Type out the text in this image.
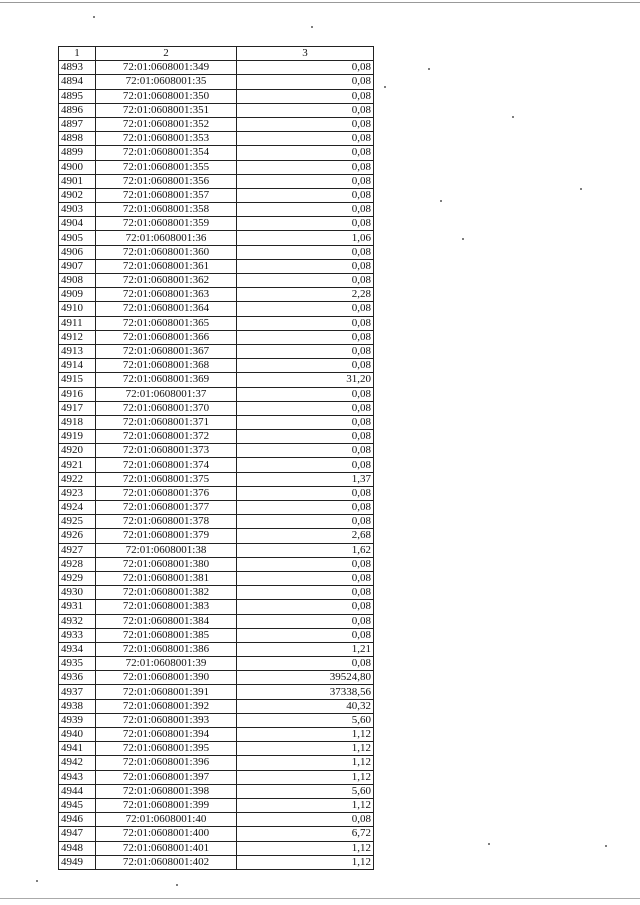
1	2	3
4893	72:01:0608001:349	0,08
4894	72:01:0608001:35	0,08
4895	72:01:0608001:350	0,08
4896	72:01:0608001:351	0,08
4897	72:01:0608001:352	0,08
4898	72:01:0608001:353	0,08
4899	72:01:0608001:354	0,08
4900	72:01:0608001:355	0,08
4901	72:01:0608001:356	0,08
4902	72:01:0608001:357	0,08
4903	72:01:0608001:358	0,08
4904	72:01:0608001:359	0,08
4905	72:01:0608001:36	1,06
4906	72:01:0608001:360	0,08
4907	72:01:0608001:361	0,08
4908	72:01:0608001:362	0,08
4909	72:01:0608001:363	2,28
4910	72:01:0608001:364	0,08
4911	72:01:0608001:365	0,08
4912	72:01:0608001:366	0,08
4913	72:01:0608001:367	0,08
4914	72:01:0608001:368	0,08
4915	72:01:0608001:369	31,20
4916	72:01:0608001:37	0,08
4917	72:01:0608001:370	0,08
4918	72:01:0608001:371	0,08
4919	72:01:0608001:372	0,08
4920	72:01:0608001:373	0,08
4921	72:01:0608001:374	0,08
4922	72:01:0608001:375	1,37
4923	72:01:0608001:376	0,08
4924	72:01:0608001:377	0,08
4925	72:01:0608001:378	0,08
4926	72:01:0608001:379	2,68
4927	72:01:0608001:38	1,62
4928	72:01:0608001:380	0,08
4929	72:01:0608001:381	0,08
4930	72:01:0608001:382	0,08
4931	72:01:0608001:383	0,08
4932	72:01:0608001:384	0,08
4933	72:01:0608001:385	0,08
4934	72:01:0608001:386	1,21
4935	72:01:0608001:39	0,08
4936	72:01:0608001:390	39524,80
4937	72:01:0608001:391	37338,56
4938	72:01:0608001:392	40,32
4939	72:01:0608001:393	5,60
4940	72:01:0608001:394	1,12
4941	72:01:0608001:395	1,12
4942	72:01:0608001:396	1,12
4943	72:01:0608001:397	1,12
4944	72:01:0608001:398	5,60
4945	72:01:0608001:399	1,12
4946	72:01:0608001:40	0,08
4947	72:01:0608001:400	6,72
4948	72:01:0608001:401	1,12
4949	72:01:0608001:402	1,12
